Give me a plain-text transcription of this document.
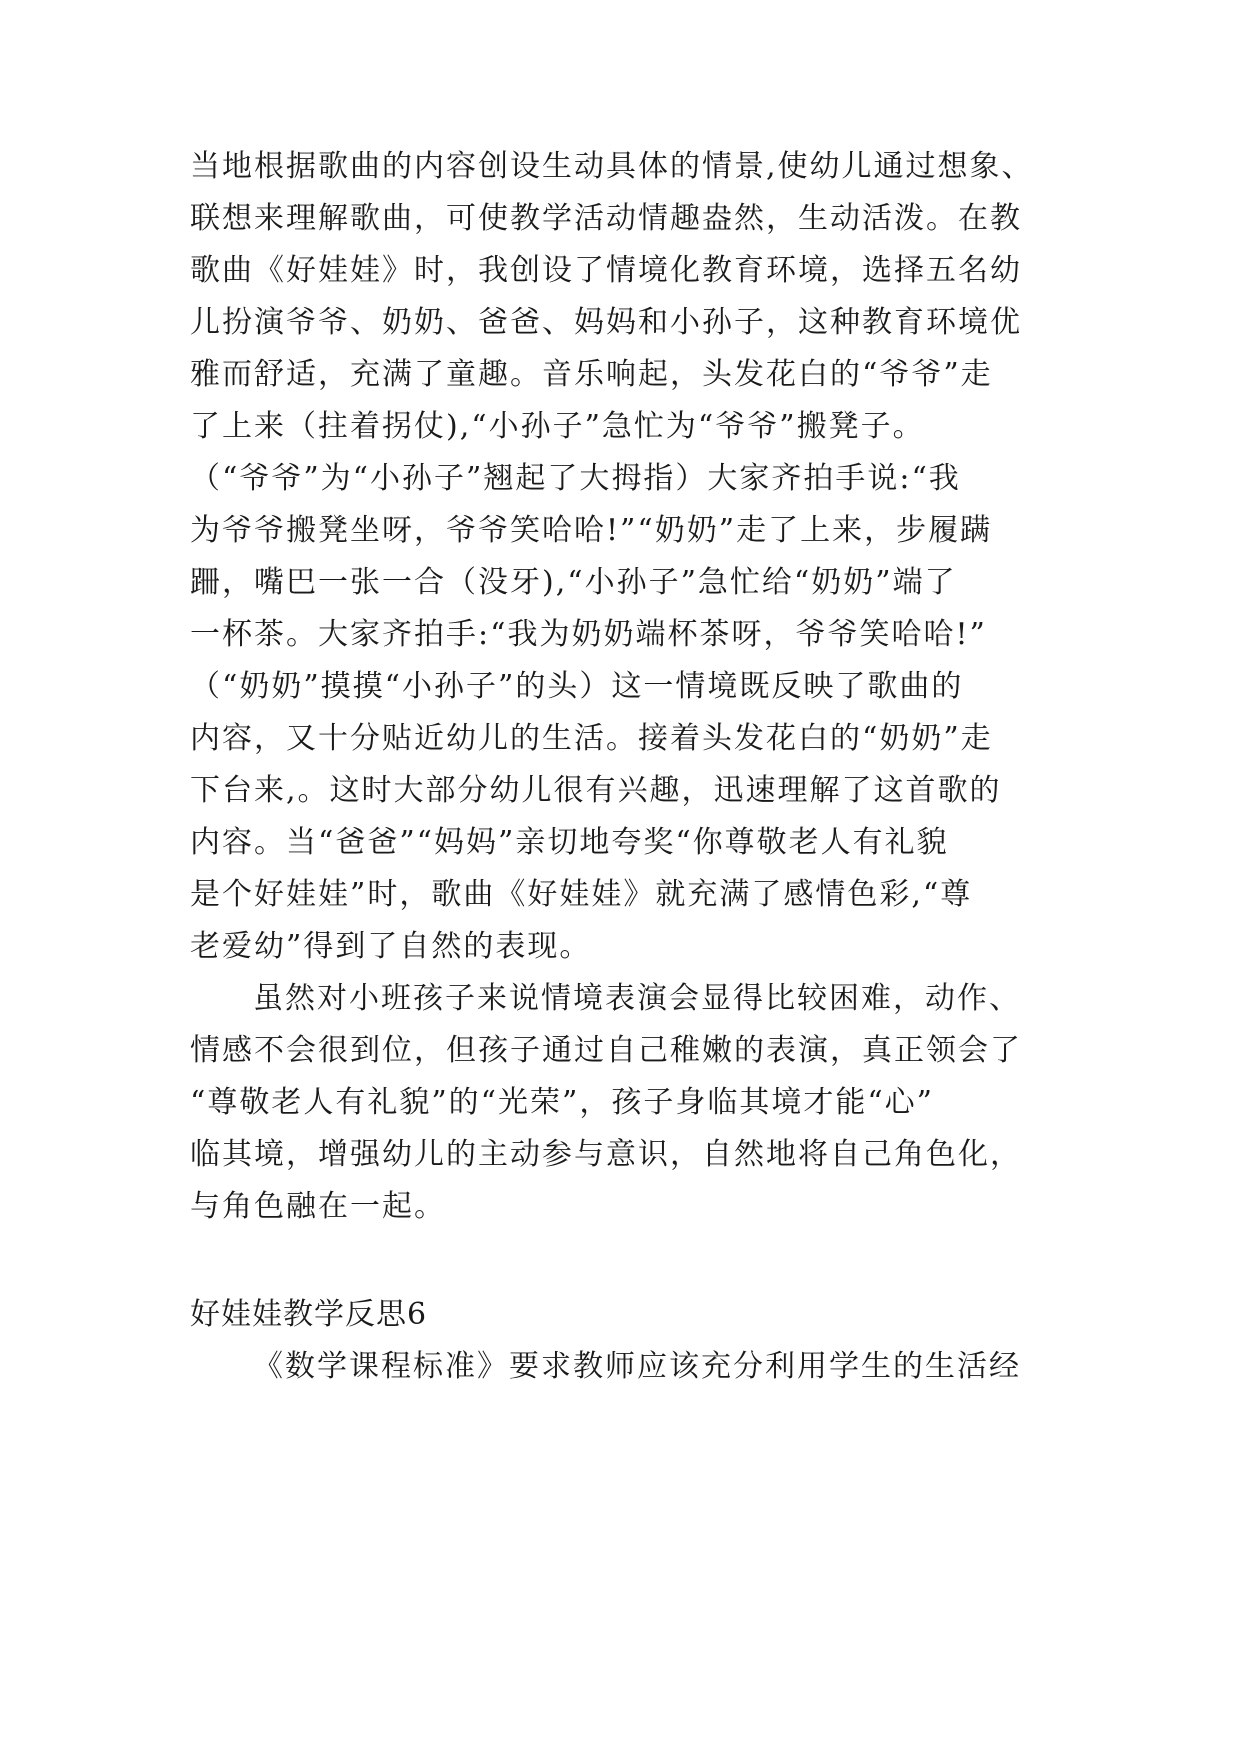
当地根据歌曲的内容创设生动具体的情景,使幼儿通过想象、
联想来理解歌曲，可使教学活动情趣盎然，生动活泼。在教
歌曲《好娃娃》时，我创设了情境化教育环境，选择五名幼
儿扮演爷爷、奶奶、爸爸、妈妈和小孙子，这种教育环境优
雅而舒适，充满了童趣。音乐响起，头发花白的“爷爷”走
了上来（拄着拐仗),“小孙子”急忙为“爷爷”搬凳子。
（“爷爷”为“小孙子”翘起了大拇指）大家齐拍手说:“我
为爷爷搬凳坐呀，爷爷笑哈哈!”“奶奶”走了上来，步履蹒
跚，嘴巴一张一合（没牙),“小孙子”急忙给“奶奶”端了
一杯茶。大家齐拍手:“我为奶奶端杯茶呀，爷爷笑哈哈!”
（“奶奶”摸摸“小孙子”的头）这一情境既反映了歌曲的
内容，又十分贴近幼儿的生活。接着头发花白的“奶奶”走
下台来,。这时大部分幼儿很有兴趣，迅速理解了这首歌的
内容。当“爸爸”“妈妈”亲切地夸奖“你尊敬老人有礼貌
是个好娃娃”时，歌曲《好娃娃》就充满了感情色彩,“尊
老爱幼”得到了自然的表现。
虽然对小班孩子来说情境表演会显得比较困难，动作、
情感不会很到位，但孩子通过自己稚嫩的表演，真正领会了
“尊敬老人有礼貌”的“光荣”，孩子身临其境才能“心”
临其境，增强幼儿的主动参与意识，自然地将自己角色化，
与角色融在一起。
好娃娃教学反思6
《数学课程标准》要求教师应该充分利用学生的生活经
